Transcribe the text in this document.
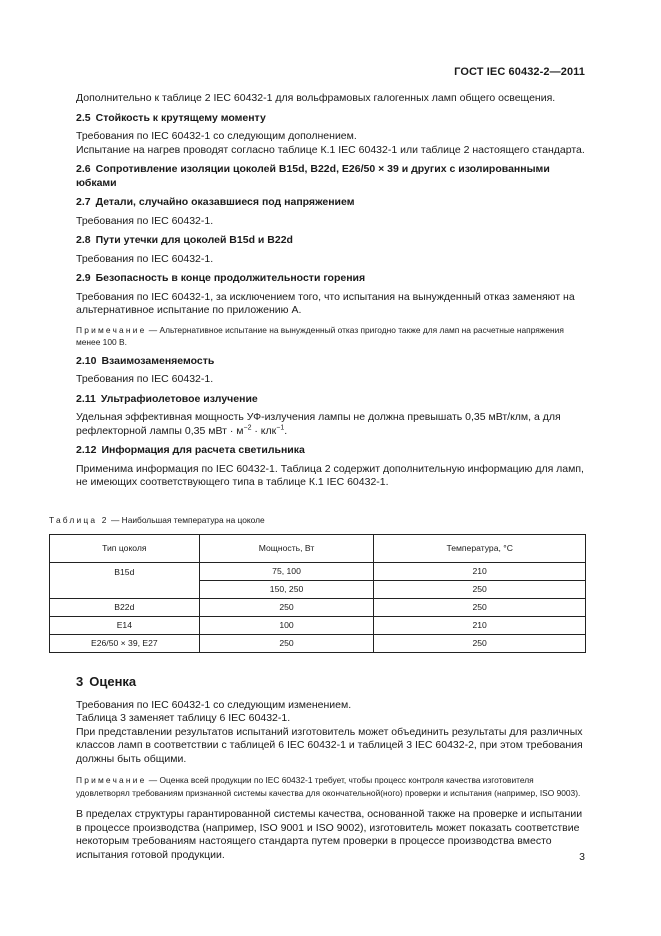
ГОСТ IEC 60432-2—2011

Дополнительно к таблице 2 IEC 60432-1 для вольфрамовых галогенных ламп общего освещения.

2.5 Стойкость к крутящему моменту

Требования по IEC 60432-1 со следующим дополнением.

Испытание на нагрев проводят согласно таблице К.1 IEC 60432-1 или таблице 2 настоящего стандарта.

2.6 Сопротивление изоляции цоколей B15d, B22d, E26/50 × 39 и других с изолированными юбками

2.7 Детали, случайно оказавшиеся под напряжением

Требования по IEC 60432-1.

2.8 Пути утечки для цоколей B15d и B22d

Требования по IEC 60432-1.

2.9 Безопасность в конце продолжительности горения

Требования по IEC 60432-1, за исключением того, что испытания на вынужденный отказ заменяют на альтернативное испытание по приложению А.

Примечание — Альтернативное испытание на вынужденный отказ пригодно также для ламп на расчетные напряжения менее 100 В.

2.10 Взаимозаменяемость

Требования по IEC 60432-1.

2.11 Ультрафиолетовое излучение

Удельная эффективная мощность УФ-излучения лампы не должна превышать 0,35 мВт/клм, а для рефлекторной лампы 0,35 мВт · $м^{-2} \cdot клк^{-1}$.

2.12 Информация для расчета светильника

Применима информация по IEC 60432-1. Таблица 2 содержит дополнительную информацию для ламп, не имеющих соответствующего типа в таблице К.1 IEC 60432-1.

Таблица 2 — Наибольшая температура на цоколе

Тип цоколя	Мощность, Вт	Температура, °С
B15d	75, 100	210
	150, 250	250
B22d	250	250
E14	100	210
E26/50 × 39, E27	250	250

3 Оценка

Требования по IEC 60432-1 со следующим изменением.

Таблица 3 заменяет таблицу 6 IEC 60432-1.

При представлении результатов испытаний изготовитель может объединить результаты для различных классов ламп в соответствии с таблицей 6 IEC 60432-1 и таблицей 3 IEC 60432-2, при этом требования должны быть общими.

Примечание — Оценка всей продукции по IEC 60432-1 требует, чтобы процесс контроля качества изготовителя удовлетворял требованиям признанной системы качества для окончательной(ного) проверки и испытания (например, ISO 9003).

В пределах структуры гарантированной системы качества, основанной также на проверке и испытании в процессе производства (например, ISO 9001 и ISO 9002), изготовитель может показать соответствие некоторым требованиям настоящего стандарта путем проверки в процессе производства вместо испытания готовой продукции.	3
